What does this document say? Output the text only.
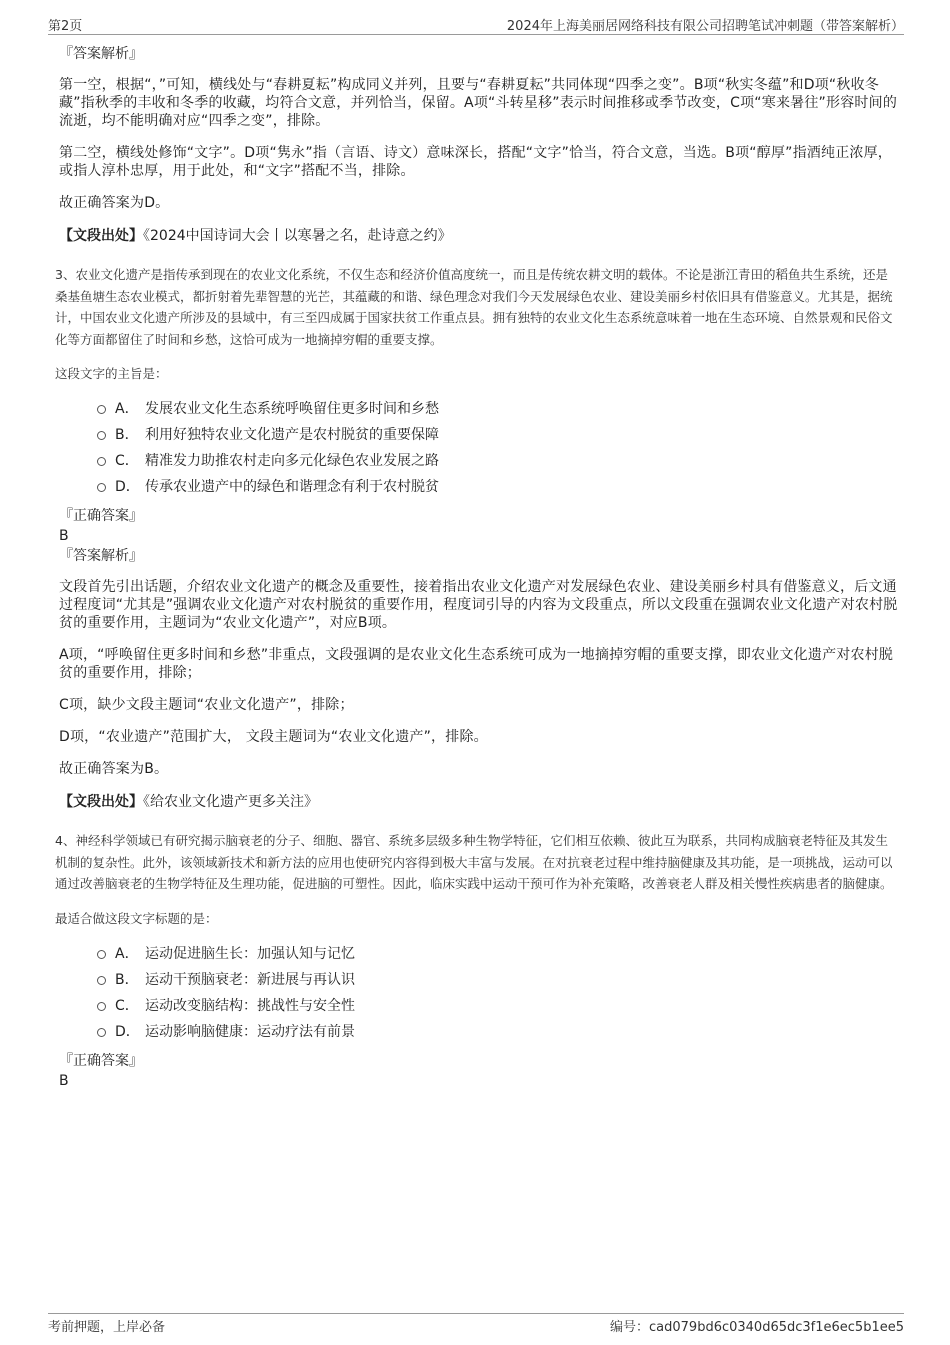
第2页	2024年上海美丽居网络科技有限公司招聘笔试冲刺题（带答案解析）
『答案解析』

第一空，根据“，”可知，横线处与“春耕夏耘”构成同义并列，且要与“春耕夏耘”共同体现“四季之变”。B项“秋实冬蕴”和D项“秋收冬藏”指秋季的丰收和冬季的收藏，均符合文意，并列恰当，保留。A项“斗转星移”表示时间推移或季节改变，C项“寒来暑往”形容时间的流逝，均不能明确对应“四季之变”，排除。

第二空，横线处修饰“文字”。D项“隽永”指（言语、诗文）意味深长，搭配“文字”恰当，符合文意，当选。B项“醇厚”指酒纯正浓厚，或指人淳朴忠厚，用于此处，和“文字”搭配不当，排除。

故正确答案为D。

【文段出处】《2024中国诗词大会丨以寒暑之名，赴诗意之约》

3、农业文化遗产是指传承到现在的农业文化系统，不仅生态和经济价值高度统一，而且是传统农耕文明的载体。不论是浙江青田的稻鱼共生系统，还是桑基鱼塘生态农业模式，都折射着先辈智慧的光芒，其蕴藏的和谐、绿色理念对我们今天发展绿色农业、建设美丽乡村依旧具有借鉴意义。尤其是，据统计，中国农业文化遗产所涉及的县域中，有三至四成属于国家扶贫工作重点县。拥有独特的农业文化生态系统意味着一地在生态环境、自然景观和民俗文化等方面都留住了时间和乡愁，这恰可成为一地摘掉穷帽的重要支撑。

这段文字的主旨是：

A． 发展农业文化生态系统呼唤留住更多时间和乡愁
B． 利用好独特农业文化遗产是农村脱贫的重要保障
C． 精准发力助推农村走向多元化绿色农业发展之路
D． 传承农业遗产中的绿色和谐理念有利于农村脱贫
『正确答案』
B
『答案解析』

文段首先引出话题，介绍农业文化遗产的概念及重要性，接着指出农业文化遗产对发展绿色农业、建设美丽乡村具有借鉴意义，后文通过程度词“尤其是”强调农业文化遗产对农村脱贫的重要作用，程度词引导的内容为文段重点，所以文段重在强调农业文化遗产对农村脱贫的重要作用，主题词为“农业文化遗产”，对应B项。

A项，“呼唤留住更多时间和乡愁”非重点，文段强调的是农业文化生态系统可成为一地摘掉穷帽的重要支撑，即农业文化遗产对农村脱贫的重要作用，排除；

C项，缺少文段主题词“农业文化遗产”，排除；

D项，“农业遗产”范围扩大， 文段主题词为“农业文化遗产”，排除。

故正确答案为B。

【文段出处】《给农业文化遗产更多关注》

4、神经科学领域已有研究揭示脑衰老的分子、细胞、器官、系统多层级多种生物学特征，它们相互依赖、彼此互为联系，共同构成脑衰老特征及其发生机制的复杂性。此外，该领域新技术和新方法的应用也使研究内容得到极大丰富与发展。在对抗衰老过程中维持脑健康及其功能，是一项挑战，运动可以通过改善脑衰老的生物学特征及生理功能，促进脑的可塑性。因此，临床实践中运动干预可作为补充策略，改善衰老人群及相关慢性疾病患者的脑健康。

最适合做这段文字标题的是：

A． 运动促进脑生长：加强认知与记忆
B． 运动干预脑衰老：新进展与再认识
C． 运动改变脑结构：挑战性与安全性
D． 运动影响脑健康：运动疗法有前景
『正确答案』
B
考前押题，上岸必备	编号：cad079bd6c0340d65dc3f1e6ec5b1ee5
